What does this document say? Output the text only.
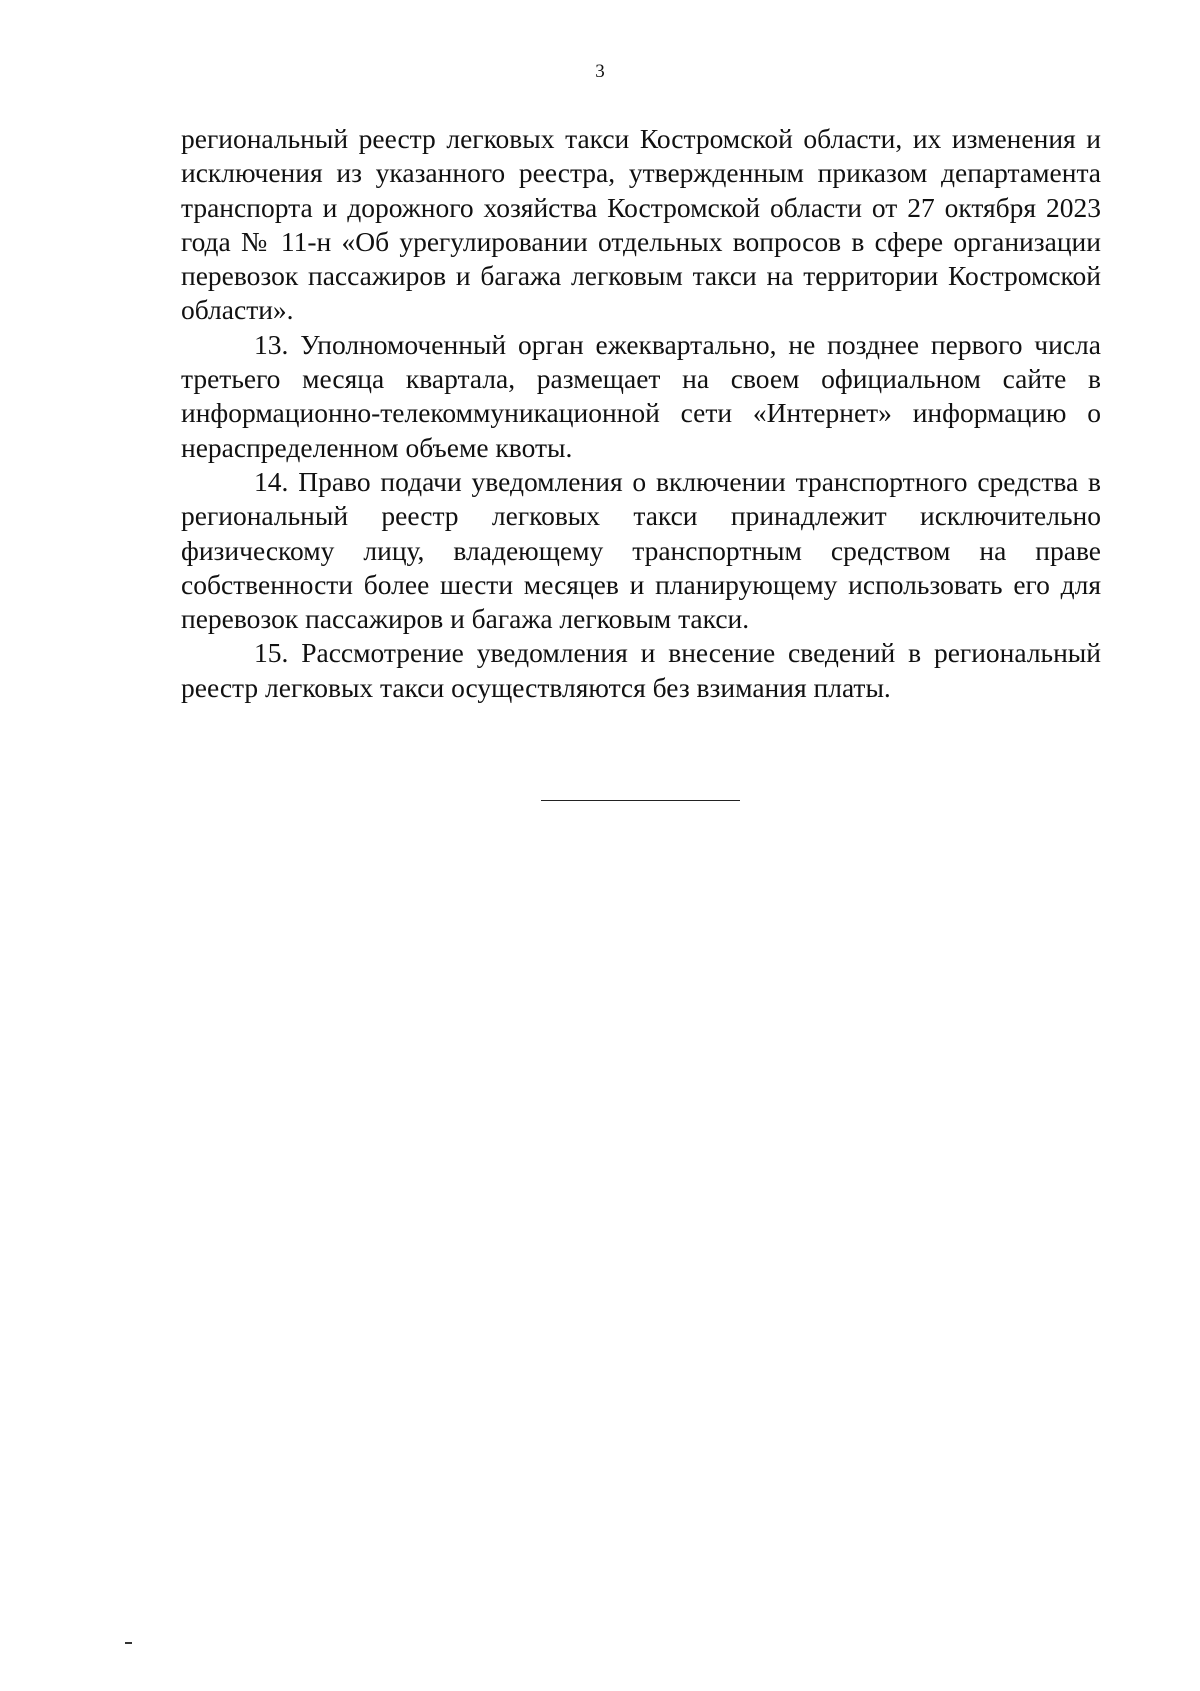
3

региональный реестр легковых такси Костромской области, их изменения и исключения из указанного реестра, утвержденным приказом департамента транспорта и дорожного хозяйства Костромской области от 27 октября 2023 года № 11-н «Об урегулировании отдельных вопросов в сфере организации перевозок пассажиров и багажа легковым такси на территории Костромской области».

13. Уполномоченный орган ежеквартально, не позднее первого числа третьего месяца квартала, размещает на своем официальном сайте в информационно-телекоммуникационной сети «Интернет» информацию о нераспределенном объеме квоты.

14. Право подачи уведомления о включении транспортного средства в региональный реестр легковых такси принадлежит исключительно физическому лицу, владеющему транспортным средством на праве собственности более шести месяцев и планирующему использовать его для перевозок пассажиров и багажа легковым такси.

15. Рассмотрение уведомления и внесение сведений в региональный реестр легковых такси осуществляются без взимания платы.
